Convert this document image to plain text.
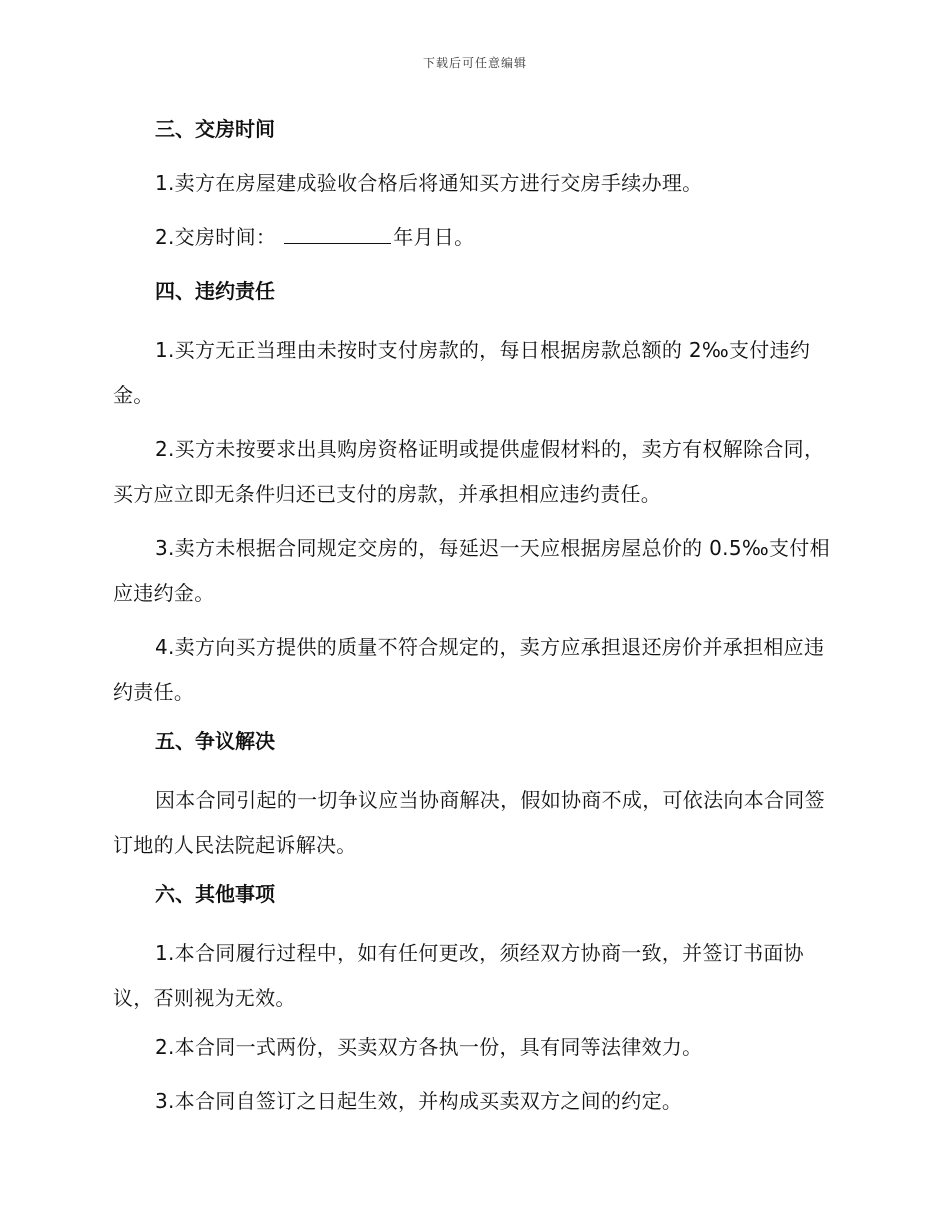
下载后可任意编辑
三、交房时间

1.卖方在房屋建成验收合格后将通知买方进行交房手续办理。

2.交房时间：	年月日。

四、违约责任

1.买方无正当理由未按时支付房款的，每日根据房款总额的 2‰支付违约金。

2.买方未按要求出具购房资格证明或提供虚假材料的，卖方有权解除合同，买方应立即无条件归还已支付的房款，并承担相应违约责任。

3.卖方未根据合同规定交房的，每延迟一天应根据房屋总价的 0.5‰支付相应违约金。

4.卖方向买方提供的质量不符合规定的，卖方应承担退还房价并承担相应违约责任。

五、争议解决

因本合同引起的一切争议应当协商解决，假如协商不成，可依法向本合同签订地的人民法院起诉解决。

六、其他事项

1.本合同履行过程中，如有任何更改，须经双方协商一致，并签订书面协议，否则视为无效。

2.本合同一式两份，买卖双方各执一份，具有同等法律效力。

3.本合同自签订之日起生效，并构成买卖双方之间的约定。
